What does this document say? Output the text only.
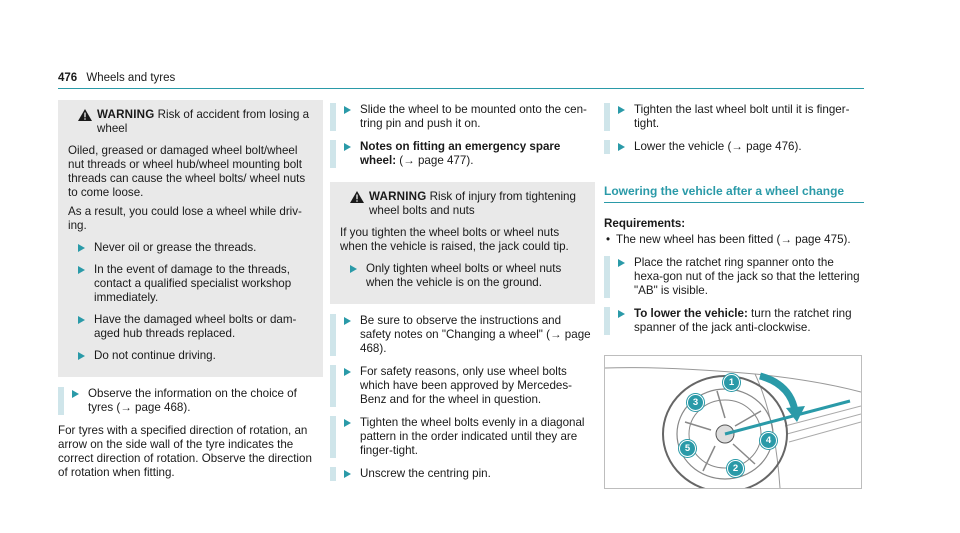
476 Wheels and tyres
WARNING Risk of accident from losing a wheel

Oiled, greased or damaged wheel bolt/wheel nut threads or wheel hub/wheel mounting bolt threads can cause the wheel bolts/ wheel nuts to come loose.

As a result, you could lose a wheel while driv-ing.

Never oil or grease the threads.
In the event of damage to the threads, contact a qualified specialist workshop immediately.
Have the damaged wheel bolts or dam-aged hub threads replaced.
Do not continue driving.
Observe the information on the choice of tyres (→ page 468).

For tyres with a specified direction of rotation, an arrow on the side wall of the tyre indicates the correct direction of rotation. Observe the direction of rotation when fitting.

Slide the wheel to be mounted onto the cen-tring pin and push it on.
Notes on fitting an emergency spare wheel: (→ page 477).
WARNING Risk of injury from tightening wheel bolts and nuts

If you tighten the wheel bolts or wheel nuts when the vehicle is raised, the jack could tip.

Only tighten wheel bolts or wheel nuts when the vehicle is on the ground.
Be sure to observe the instructions and safety notes on "Changing a wheel" (→ page 468).
For safety reasons, only use wheel bolts which have been approved by Mercedes-Benz and for the wheel in question.
Tighten the wheel bolts evenly in a diagonal pattern in the order indicated until they are finger-tight.
Unscrew the centring pin.
Tighten the last wheel bolt until it is finger-tight.
Lower the vehicle (→ page 476).
Lowering the vehicle after a wheel change
Requirements:
• The new wheel has been fitted (→ page 475).
Place the ratchet ring spanner onto the hexa-gon nut of the jack so that the lettering "AB" is visible.
To lower the vehicle: turn the ratchet ring spanner of the jack anti-clockwise.
1
2
3
4
5
